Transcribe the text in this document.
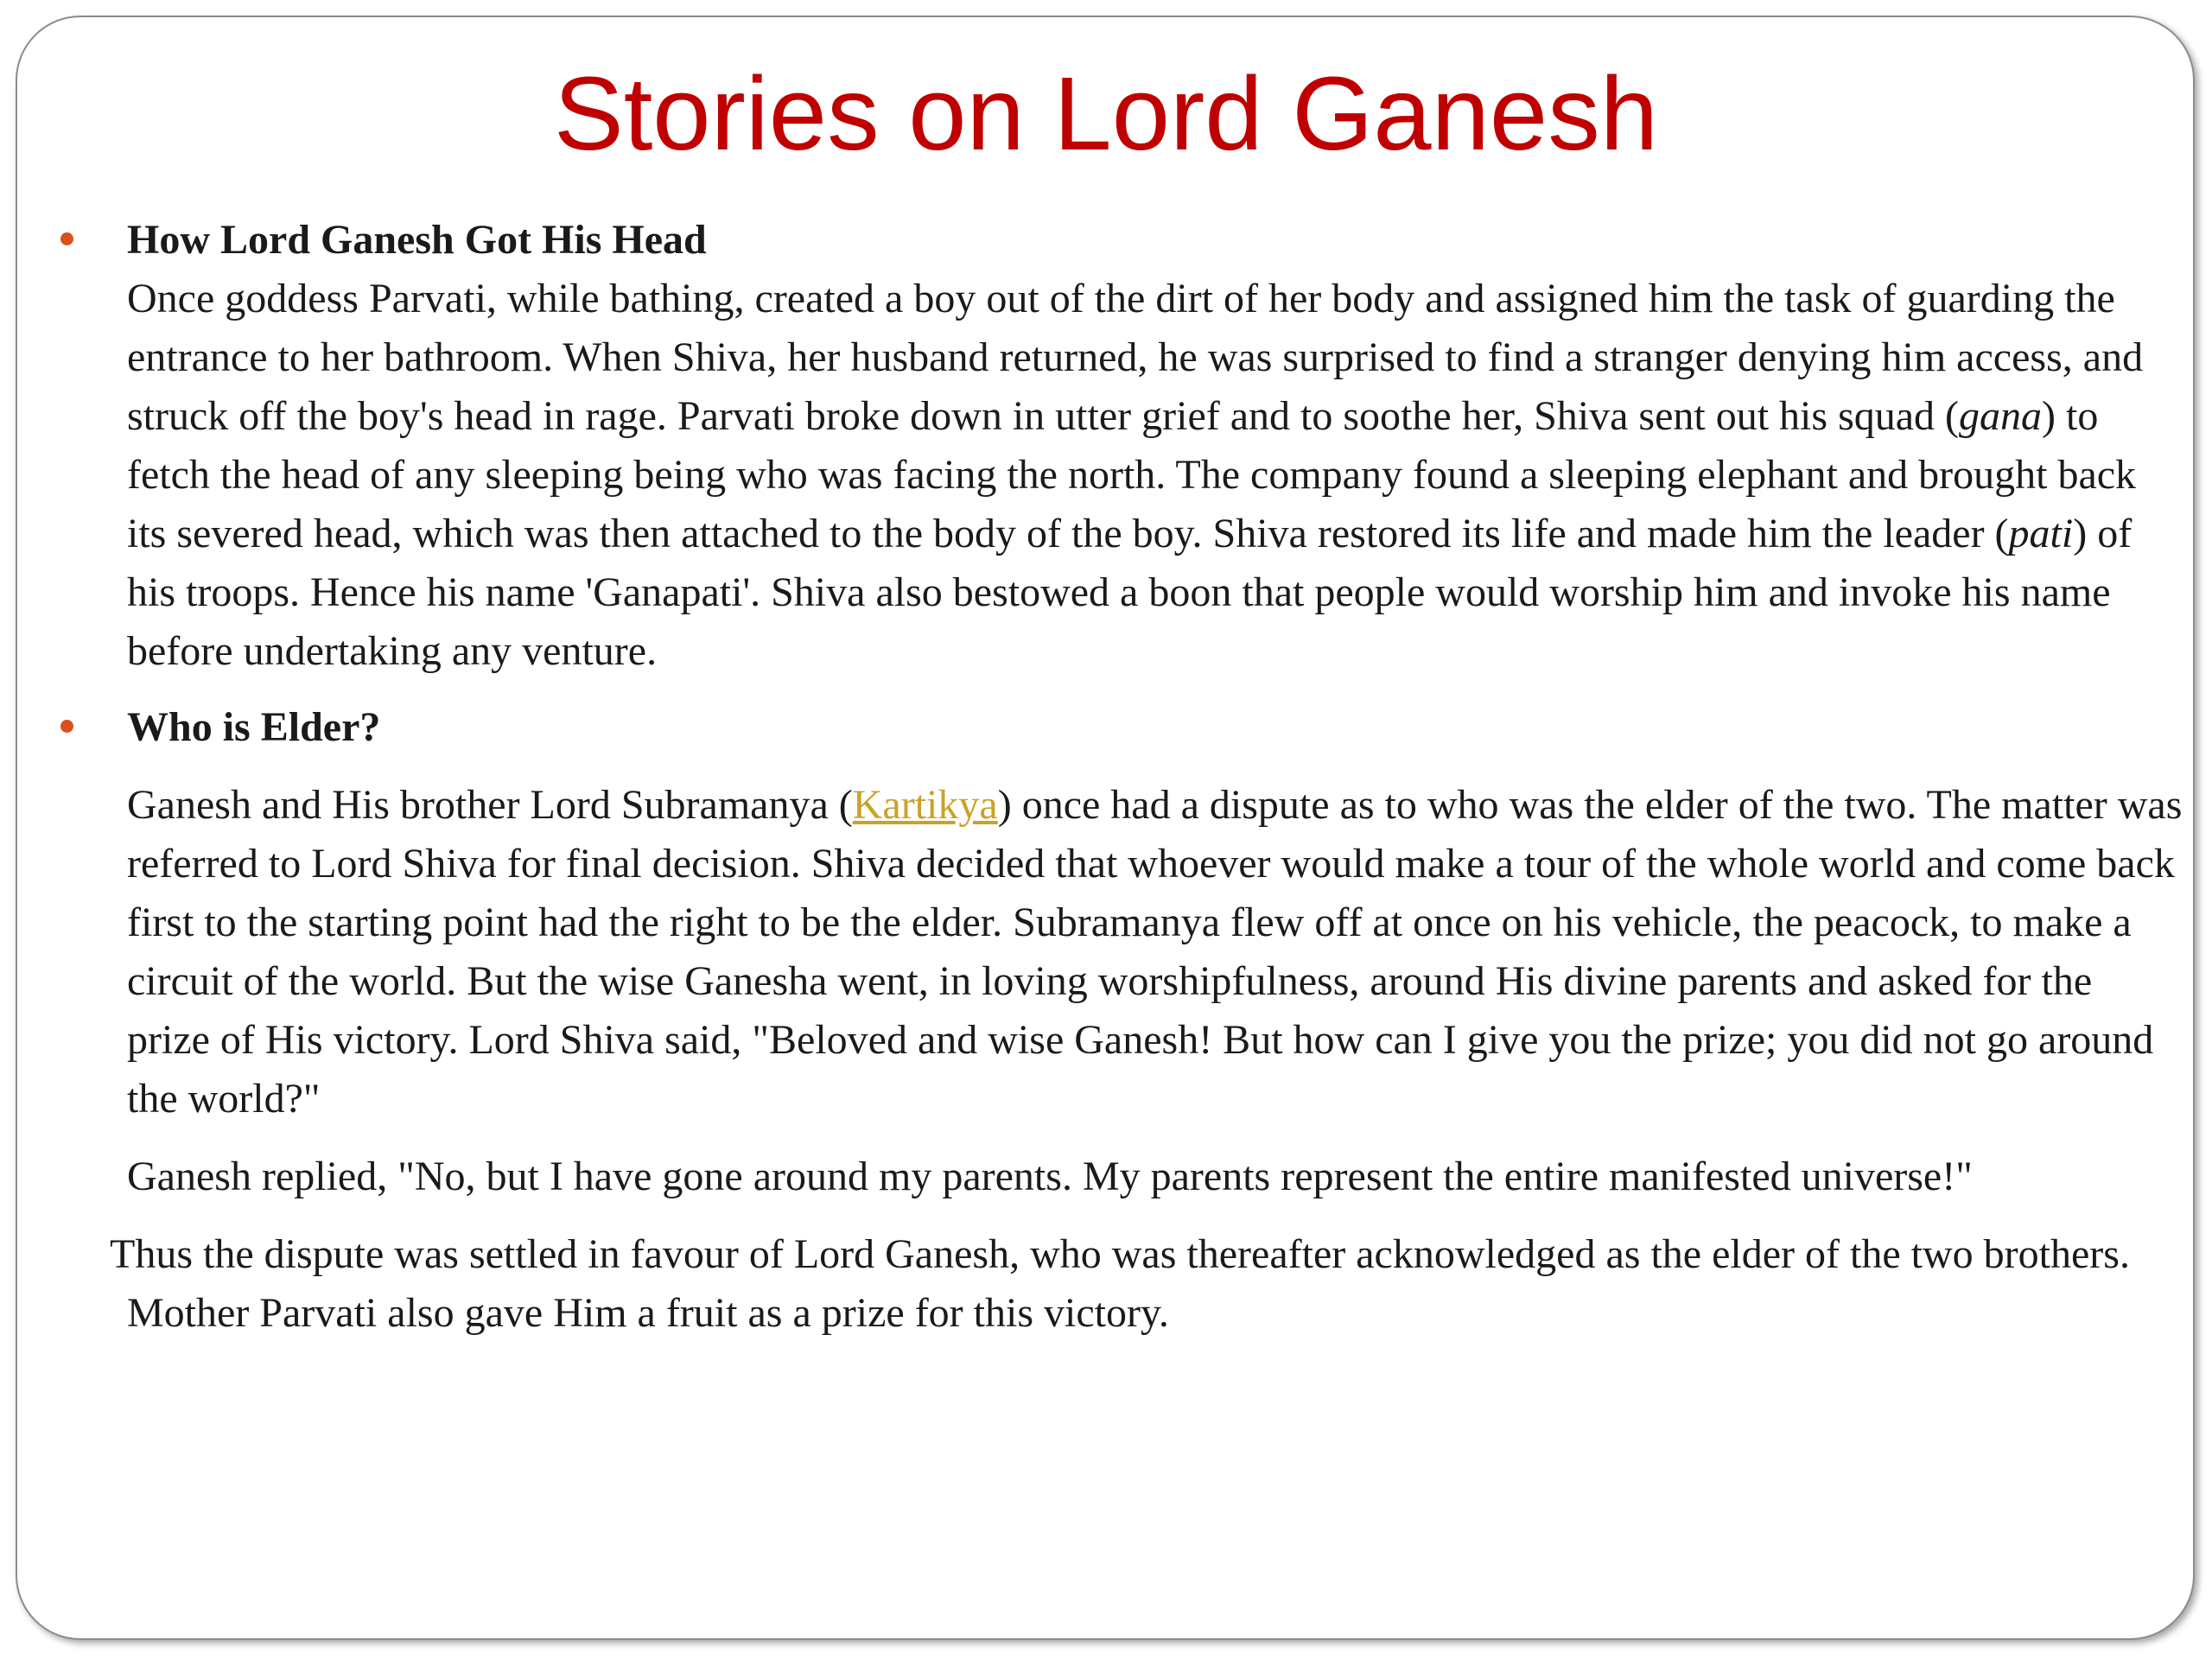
Stories on Lord Ganesh

How Lord Ganesh Got His Head

Once goddess Parvati, while bathing, created a boy out of the dirt of her body and assigned him the task of guarding the entrance to her bathroom. When Shiva, her husband returned, he was surprised to find a stranger denying him access, and struck off the boy's head in rage. Parvati broke down in utter grief and to soothe her, Shiva sent out his squad (gana) to fetch the head of any sleeping being who was facing the north. The company found a sleeping elephant and brought back its severed head, which was then attached to the body of the boy. Shiva restored its life and made him the leader (pati) of his troops. Hence his name 'Ganapati'. Shiva also bestowed a boon that people would worship him and invoke his name before undertaking any venture.

Who is Elder?

Ganesh and His brother Lord Subramanya (Kartikya) once had a dispute as to who was the elder of the two. The matter was referred to Lord Shiva for final decision. Shiva decided that whoever would make a tour of the whole world and come back first to the starting point had the right to be the elder. Subramanya flew off at once on his vehicle, the peacock, to make a circuit of the world. But the wise Ganesha went, in loving worshipfulness, around His divine parents and asked for the prize of His victory. Lord Shiva said, "Beloved and wise Ganesh! But how can I give you the prize; you did not go around the world?"

Ganesh replied, "No, but I have gone around my parents. My parents represent the entire manifested universe!"

Thus the dispute was settled in favour of Lord Ganesh, who was thereafter acknowledged as the elder of the two brothers. Mother Parvati also gave Him a fruit as a prize for this victory.
